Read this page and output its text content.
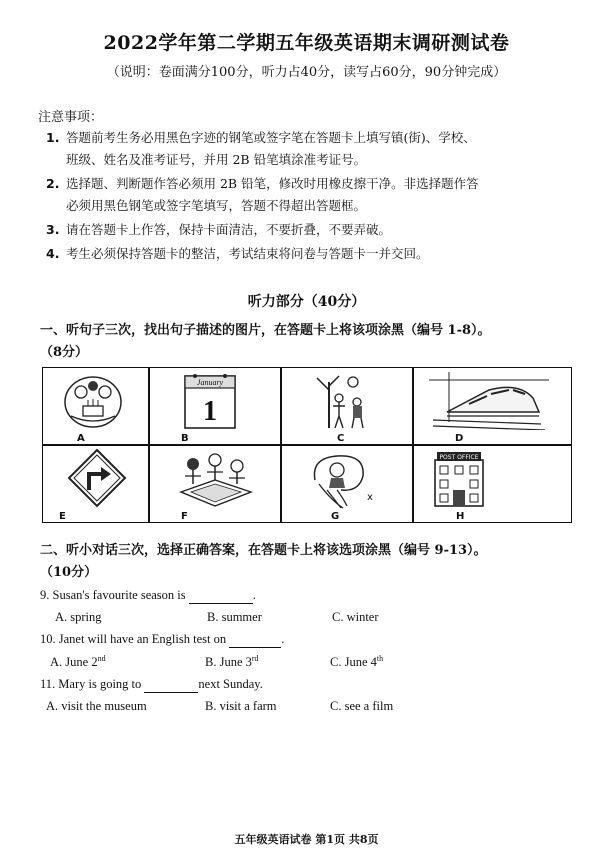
2022学年第二学期五年级英语期末调研测试卷
（说明：卷面满分100分，听力占40分，读写占60分，90分钟完成）
注意事项：
1. 答题前考生务必用黑色字迹的钢笔或签字笔在答题卡上填写镇(街)、学校、
班级、姓名及准考证号，并用 2B 铅笔填涂准考证号。
2. 选择题、判断题作答必须用 2B 铅笔，修改时用橡皮擦干净。非选择题作答
必须用黑色钢笔或签字笔填写，答题不得超出答题框。
3. 请在答题卡上作答，保持卡面清洁，不要折叠，不要弄破。
4. 考生必须保持答题卡的整洁，考试结束将问卷与答题卡一并交回。
听力部分（40分）
一、听句子三次，找出句子描述的图片，在答题卡上将该项涂黑（编号 1-8）。
（8分）
A
January
1
B	C	D
E	F
x
G
POST OFFICE
H
二、听小对话三次，选择正确答案，在答题卡上将该选项涂黑（编号 9-13）。
（10分）
9. Susan's favourite season is	.
A. spring	B. summer	C. winter
10. Janet will have an English test on	.
A. June 2nd	B. June 3rd	C. June 4th
11. Mary is going to	next Sunday.
A. visit the museum	B. visit a farm	C. see a film
五年级英语试卷 第1页 共8页
